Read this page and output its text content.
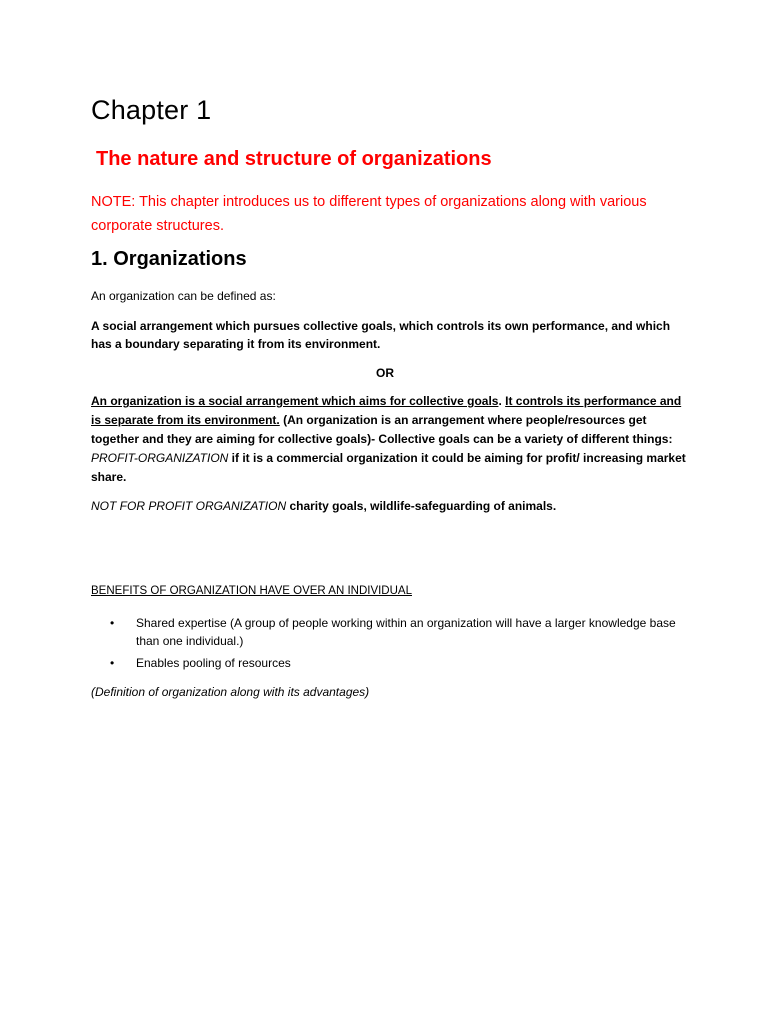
Chapter 1
The nature and structure of organizations
NOTE: This chapter introduces us to different types of organizations along with various corporate structures.
1. Organizations
An organization can be defined as:
A social arrangement which pursues collective goals, which controls its own performance, and which has a boundary separating it from its environment.
OR
An organization is a social arrangement which aims for collective goals. It controls its performance and is separate from its environment. (An organization is an arrangement where people/resources get together and they are aiming for collective goals)- Collective goals can be a variety of different things: PROFIT-ORGANIZATION if it is a commercial organization it could be aiming for profit/ increasing market share.
NOT FOR PROFIT ORGANIZATION charity goals, wildlife-safeguarding of animals.
BENEFITS OF ORGANIZATION HAVE OVER AN INDIVIDUAL
• Shared expertise (A group of people working within an organization will have a larger knowledge base than one individual.)
• Enables pooling of resources
(Definition of organization along with its advantages)
